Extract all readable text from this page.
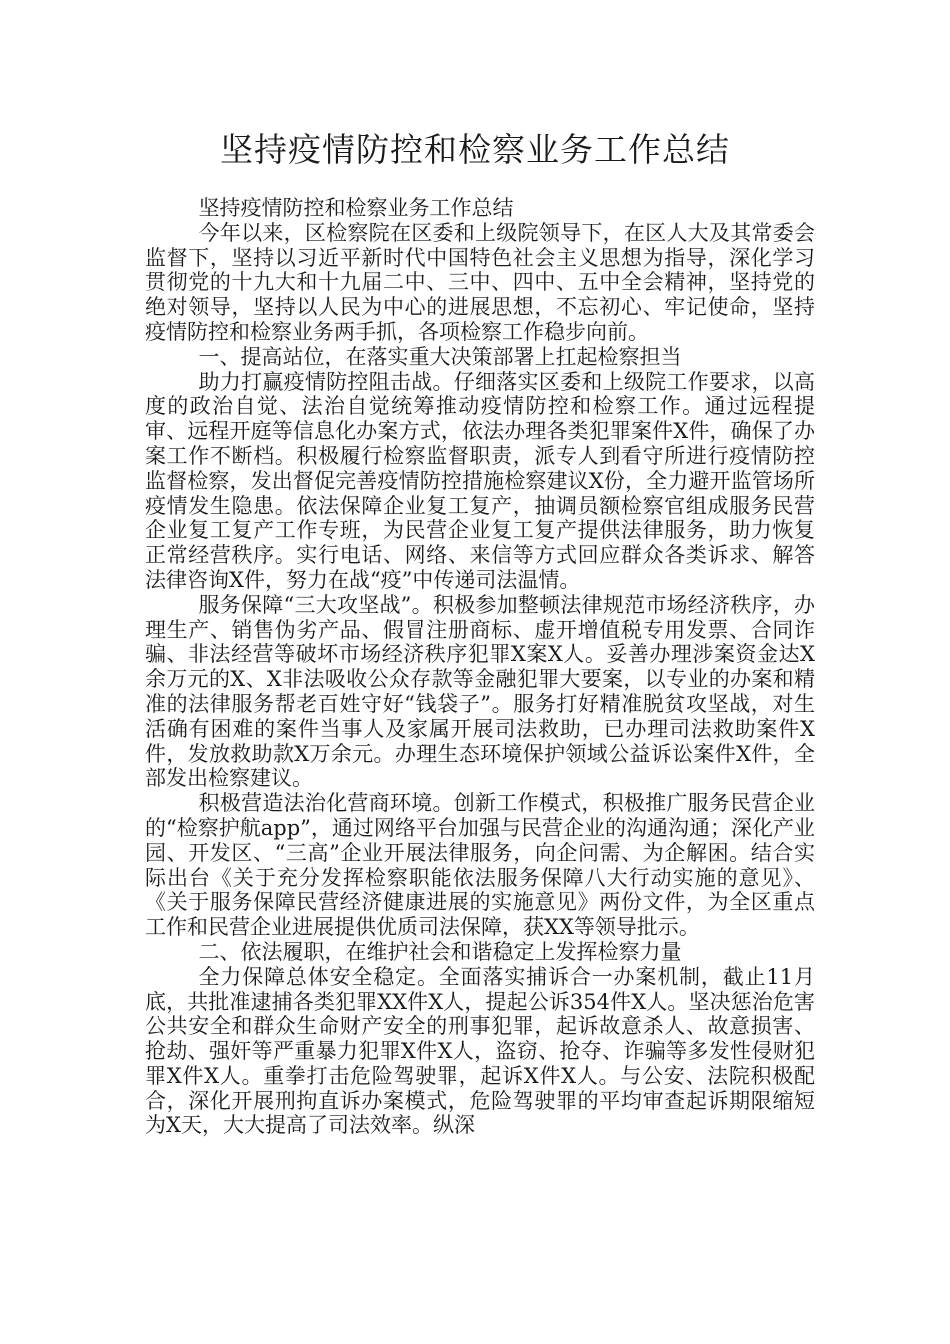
坚持疫情防控和检察业务工作总结

坚持疫情防控和检察业务工作总结

今年以来，区检察院在区委和上级院领导下，在区人大及其常委会监督下，坚持以习近平新时代中国特色社会主义思想为指导，深化学习贯彻党的十九大和十九届二中、三中、四中、五中全会精神，坚持党的绝对领导，坚持以人民为中心的进展思想，不忘初心、牢记使命，坚持疫情防控和检察业务两手抓，各项检察工作稳步向前。

一、提高站位，在落实重大决策部署上扛起检察担当

助力打赢疫情防控阻击战。仔细落实区委和上级院工作要求，以高度的政治自觉、法治自觉统筹推动疫情防控和检察工作。通过远程提审、远程开庭等信息化办案方式，依法办理各类犯罪案件X件，确保了办案工作不断档。积极履行检察监督职责，派专人到看守所进行疫情防控监督检察，发出督促完善疫情防控措施检察建议X份，全力避开监管场所疫情发生隐患。依法保障企业复工复产，抽调员额检察官组成服务民营企业复工复产工作专班，为民营企业复工复产提供法律服务，助力恢复正常经营秩序。实行电话、网络、来信等方式回应群众各类诉求、解答法律咨询X件，努力在战“疫”中传递司法温情。

服务保障“三大攻坚战”。积极参加整顿法律规范市场经济秩序，办理生产、销售伪劣产品、假冒注册商标、虚开增值税专用发票、合同诈骗、非法经营等破坏市场经济秩序犯罪X案X人。妥善办理涉案资金达X余万元的X、X非法吸收公众存款等金融犯罪大要案，以专业的办案和精准的法律服务帮老百姓守好“钱袋子”。服务打好精准脱贫攻坚战，对生活确有困难的案件当事人及家属开展司法救助，已办理司法救助案件X件，发放救助款X万余元。办理生态环境保护领域公益诉讼案件X件，全部发出检察建议。

积极营造法治化营商环境。创新工作模式，积极推广服务民营企业的“检察护航app”，通过网络平台加强与民营企业的沟通沟通；深化产业园、开发区、“三高”企业开展法律服务，向企问需、为企解困。结合实际出台《关于充分发挥检察职能依法服务保障八大行动实施的意见》、《关于服务保障民营经济健康进展的实施意见》两份文件，为全区重点工作和民营企业进展提供优质司法保障，获XX等领导批示。

二、依法履职，在维护社会和谐稳定上发挥检察力量

全力保障总体安全稳定。全面落实捕诉合一办案机制，截止11月底，共批准逮捕各类犯罪XX件X人，提起公诉354件X人。坚决惩治危害公共安全和群众生命财产安全的刑事犯罪，起诉故意杀人、故意损害、抢劫、强奸等严重暴力犯罪X件X人，盗窃、抢夺、诈骗等多发性侵财犯罪X件X人。重拳打击危险驾驶罪，起诉X件X人。与公安、法院积极配合，深化开展刑拘直诉办案模式，危险驾驶罪的平均审查起诉期限缩短为X天，大大提高了司法效率。纵深
